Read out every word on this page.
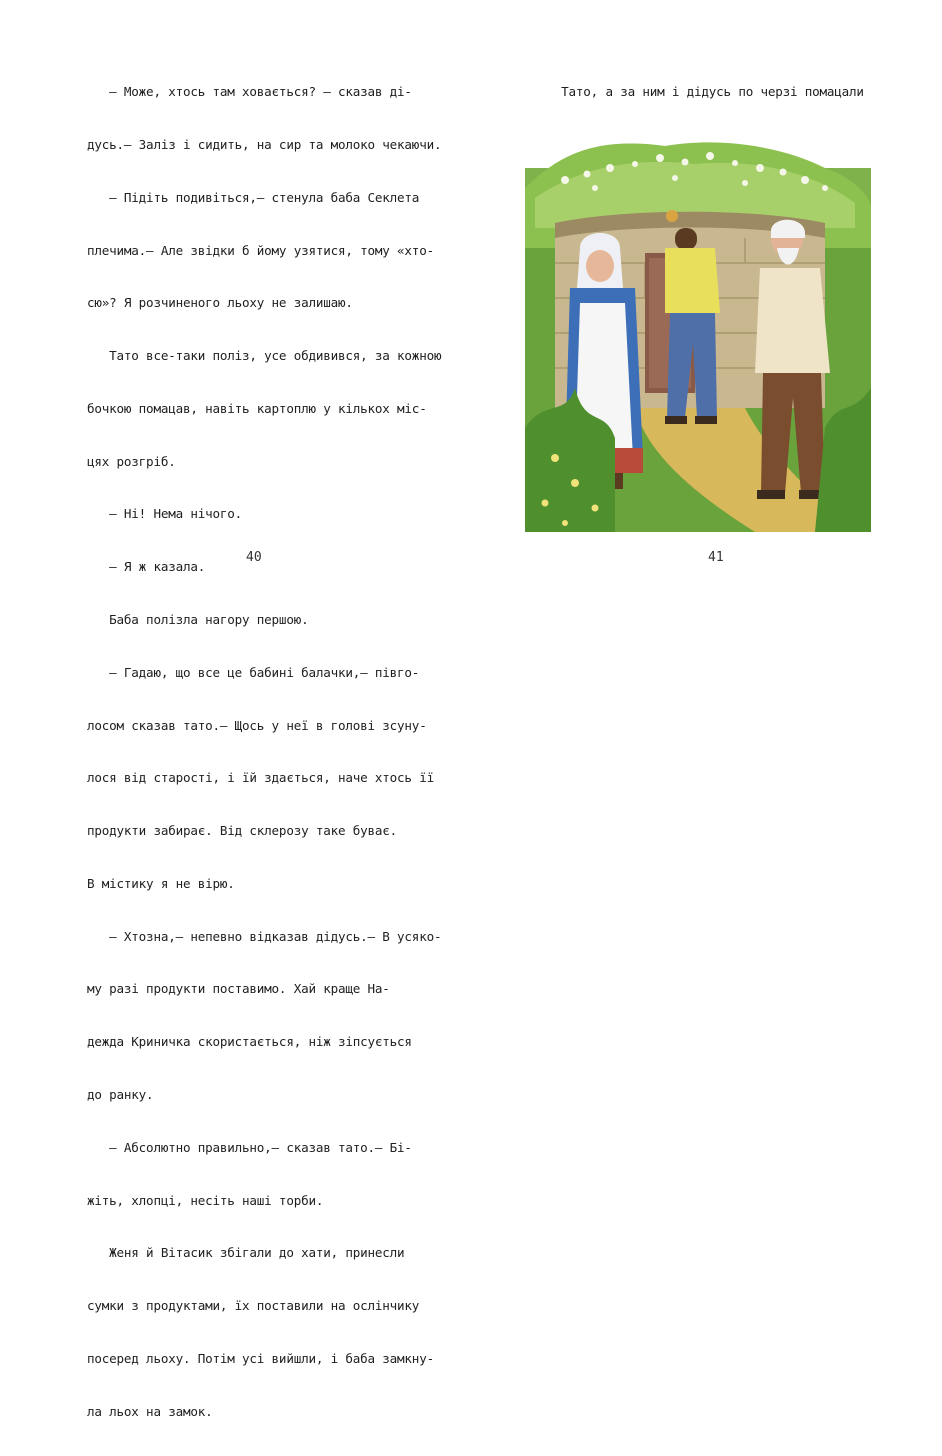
— Може, хтось там ховається? — сказав ді-

дусь.— Заліз і сидить, на сир та молоко чекаючи.

— Підіть подивіться,— стенула баба Секлета

плечима.— Але звідки б йому узятися, тому «хто-

сю»? Я розчиненого льоху не залишаю.

Тато все-таки поліз, усе обдивився, за кожною

бочкою помацав, навіть картоплю у кількох міс-

цях розгріб.

— Ні! Нема нічого.

— Я ж казала.

Баба полізла нагору першою.

— Гадаю, що все це бабині балачки,— півго-

лосом сказав тато.— Щось у неї в голові зсуну-

лося від старості, і їй здається, наче хтось її

продукти забирає. Від склерозу таке буває.

В містику я не вірю.

— Хтозна,— непевно відказав дідусь.— В усяко-

му разі продукти поставимо. Хай краще На-

дежда Криничка скористається, ніж зіпсується

до ранку.

— Абсолютно правильно,— сказав тато.— Бі-

жіть, хлопці, несіть наші торби.

Женя й Вітасик збігали до хати, принесли

сумки з продуктами, їх поставили на ослінчику

посеред льоху. Потім усі вийшли, і баба замкну-

ла льох на замок.

40

Тато, а за ним і дідусь по черзі помацали

41
